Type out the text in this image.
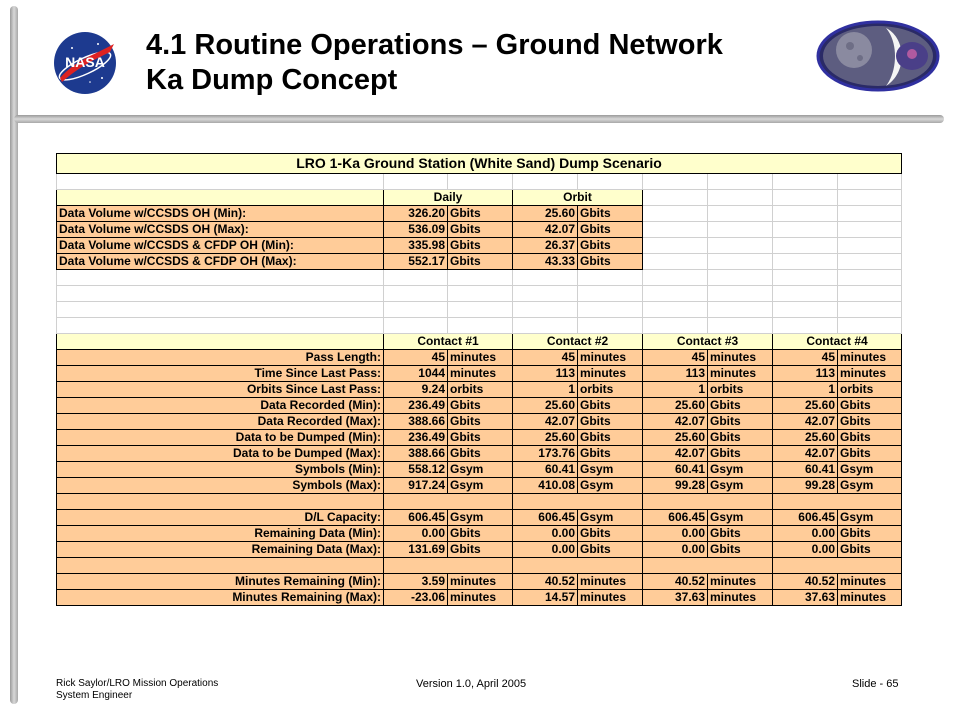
NASA
4.1 Routine Operations – Ground Network
Ka Dump Concept
LRO 1-Ka Ground Station (White Sand) Dump Scenario								

	Daily		Orbit					
Data Volume w/CCSDS OH (Min):	326.20	Gbits	25.60	Gbits				
Data Volume w/CCSDS OH (Max):	536.09	Gbits	42.07	Gbits				
Data Volume w/CCSDS & CFDP OH (Min):	335.98	Gbits	26.37	Gbits				
Data Volume w/CCSDS & CFDP OH (Max):	552.17	Gbits	43.33	Gbits				

	Contact #1		Contact #2		Contact #3		Contact #4	
Pass Length:	45	minutes	45	minutes	45	minutes	45	minutes
Time Since Last Pass:	1044	minutes	113	minutes	113	minutes	113	minutes
Orbits Since Last Pass:	9.24	orbits	1	orbits	1	orbits	1	orbits
Data Recorded (Min):	236.49	Gbits	25.60	Gbits	25.60	Gbits	25.60	Gbits
Data Recorded (Max):	388.66	Gbits	42.07	Gbits	42.07	Gbits	42.07	Gbits
Data to be Dumped (Min):	236.49	Gbits	25.60	Gbits	25.60	Gbits	25.60	Gbits
Data to be Dumped (Max):	388.66	Gbits	173.76	Gbits	42.07	Gbits	42.07	Gbits
Symbols (Min):	558.12	Gsym	60.41	Gsym	60.41	Gsym	60.41	Gsym
Symbols (Max):	917.24	Gsym	410.08	Gsym	99.28	Gsym	99.28	Gsym

D/L Capacity:	606.45	Gsym	606.45	Gsym	606.45	Gsym	606.45	Gsym
Remaining Data (Min):	0.00	Gbits	0.00	Gbits	0.00	Gbits	0.00	Gbits
Remaining Data (Max):	131.69	Gbits	0.00	Gbits	0.00	Gbits	0.00	Gbits

Minutes Remaining (Min):	3.59	minutes	40.52	minutes	40.52	minutes	40.52	minutes
Minutes Remaining (Max):	-23.06	minutes	14.57	minutes	37.63	minutes	37.63	minutes
Rick Saylor/LRO Mission Operations
System Engineer
Version 1.0, April 2005	Slide - 65
